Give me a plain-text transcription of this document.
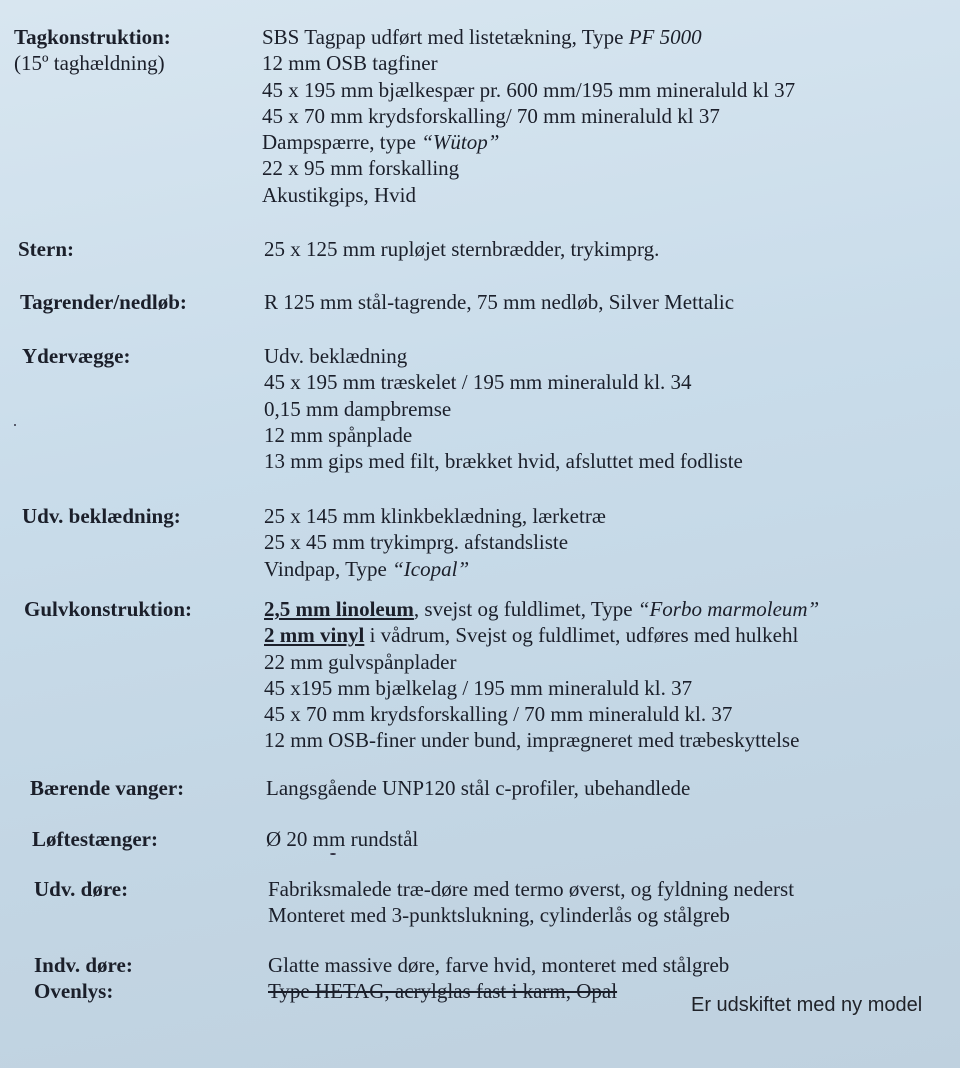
Tagkonstruktion:
(15º taghældning)
SBS Tagpap udført med listetækning, Type PF 5000
12 mm OSB tagfiner
45 x 195 mm bjælkespær pr. 600 mm/195 mm mineraluld kl 37
45 x 70 mm krydsforskalling/ 70 mm mineraluld kl 37
Dampspærre, type “Wütop”
22 x 95 mm forskalling
Akustikgips, Hvid
Stern:	25 x 125 mm rupløjet sternbrædder, trykimprg.
Tagrender/nedløb:	R 125 mm stål-tagrende, 75 mm nedløb, Silver Mettalic
Ydervægge:	Udv. beklædning
45 x 195 mm træskelet / 195 mm mineraluld kl. 34
0,15 mm dampbremse
12 mm spånplade
13 mm gips med filt, brækket hvid, afsluttet med fodliste
Udv. beklædning:	25 x 145 mm klinkbeklædning, lærketræ
25 x 45 mm trykimprg. afstandsliste
Vindpap, Type “Icopal”
Gulvkonstruktion:	2,5 mm linoleum, svejst og fuldlimet, Type “Forbo marmoleum”
2 mm vinyl i vådrum, Svejst og fuldlimet, udføres med hulkehl
22 mm gulvspånplader
45 x195 mm bjælkelag / 195 mm mineraluld kl. 37
45 x 70 mm krydsforskalling / 70 mm mineraluld kl. 37
12 mm OSB-finer under bund, imprægneret med træbeskyttelse
Bærende vanger:	Langsgående UNP120 stål c-profiler, ubehandlede
Løftestænger:	Ø 20 mm rundstål
Udv. døre:	Fabriksmalede træ-døre med termo øverst, og fyldning nederst
Monteret med 3-punktslukning, cylinderlås og stålgreb
Indv. døre:	Glatte massive døre, farve hvid, monteret med stålgreb
Ovenlys:	Type HETAG, acrylglas fast i karm, Opal
Er udskiftet med ny model
